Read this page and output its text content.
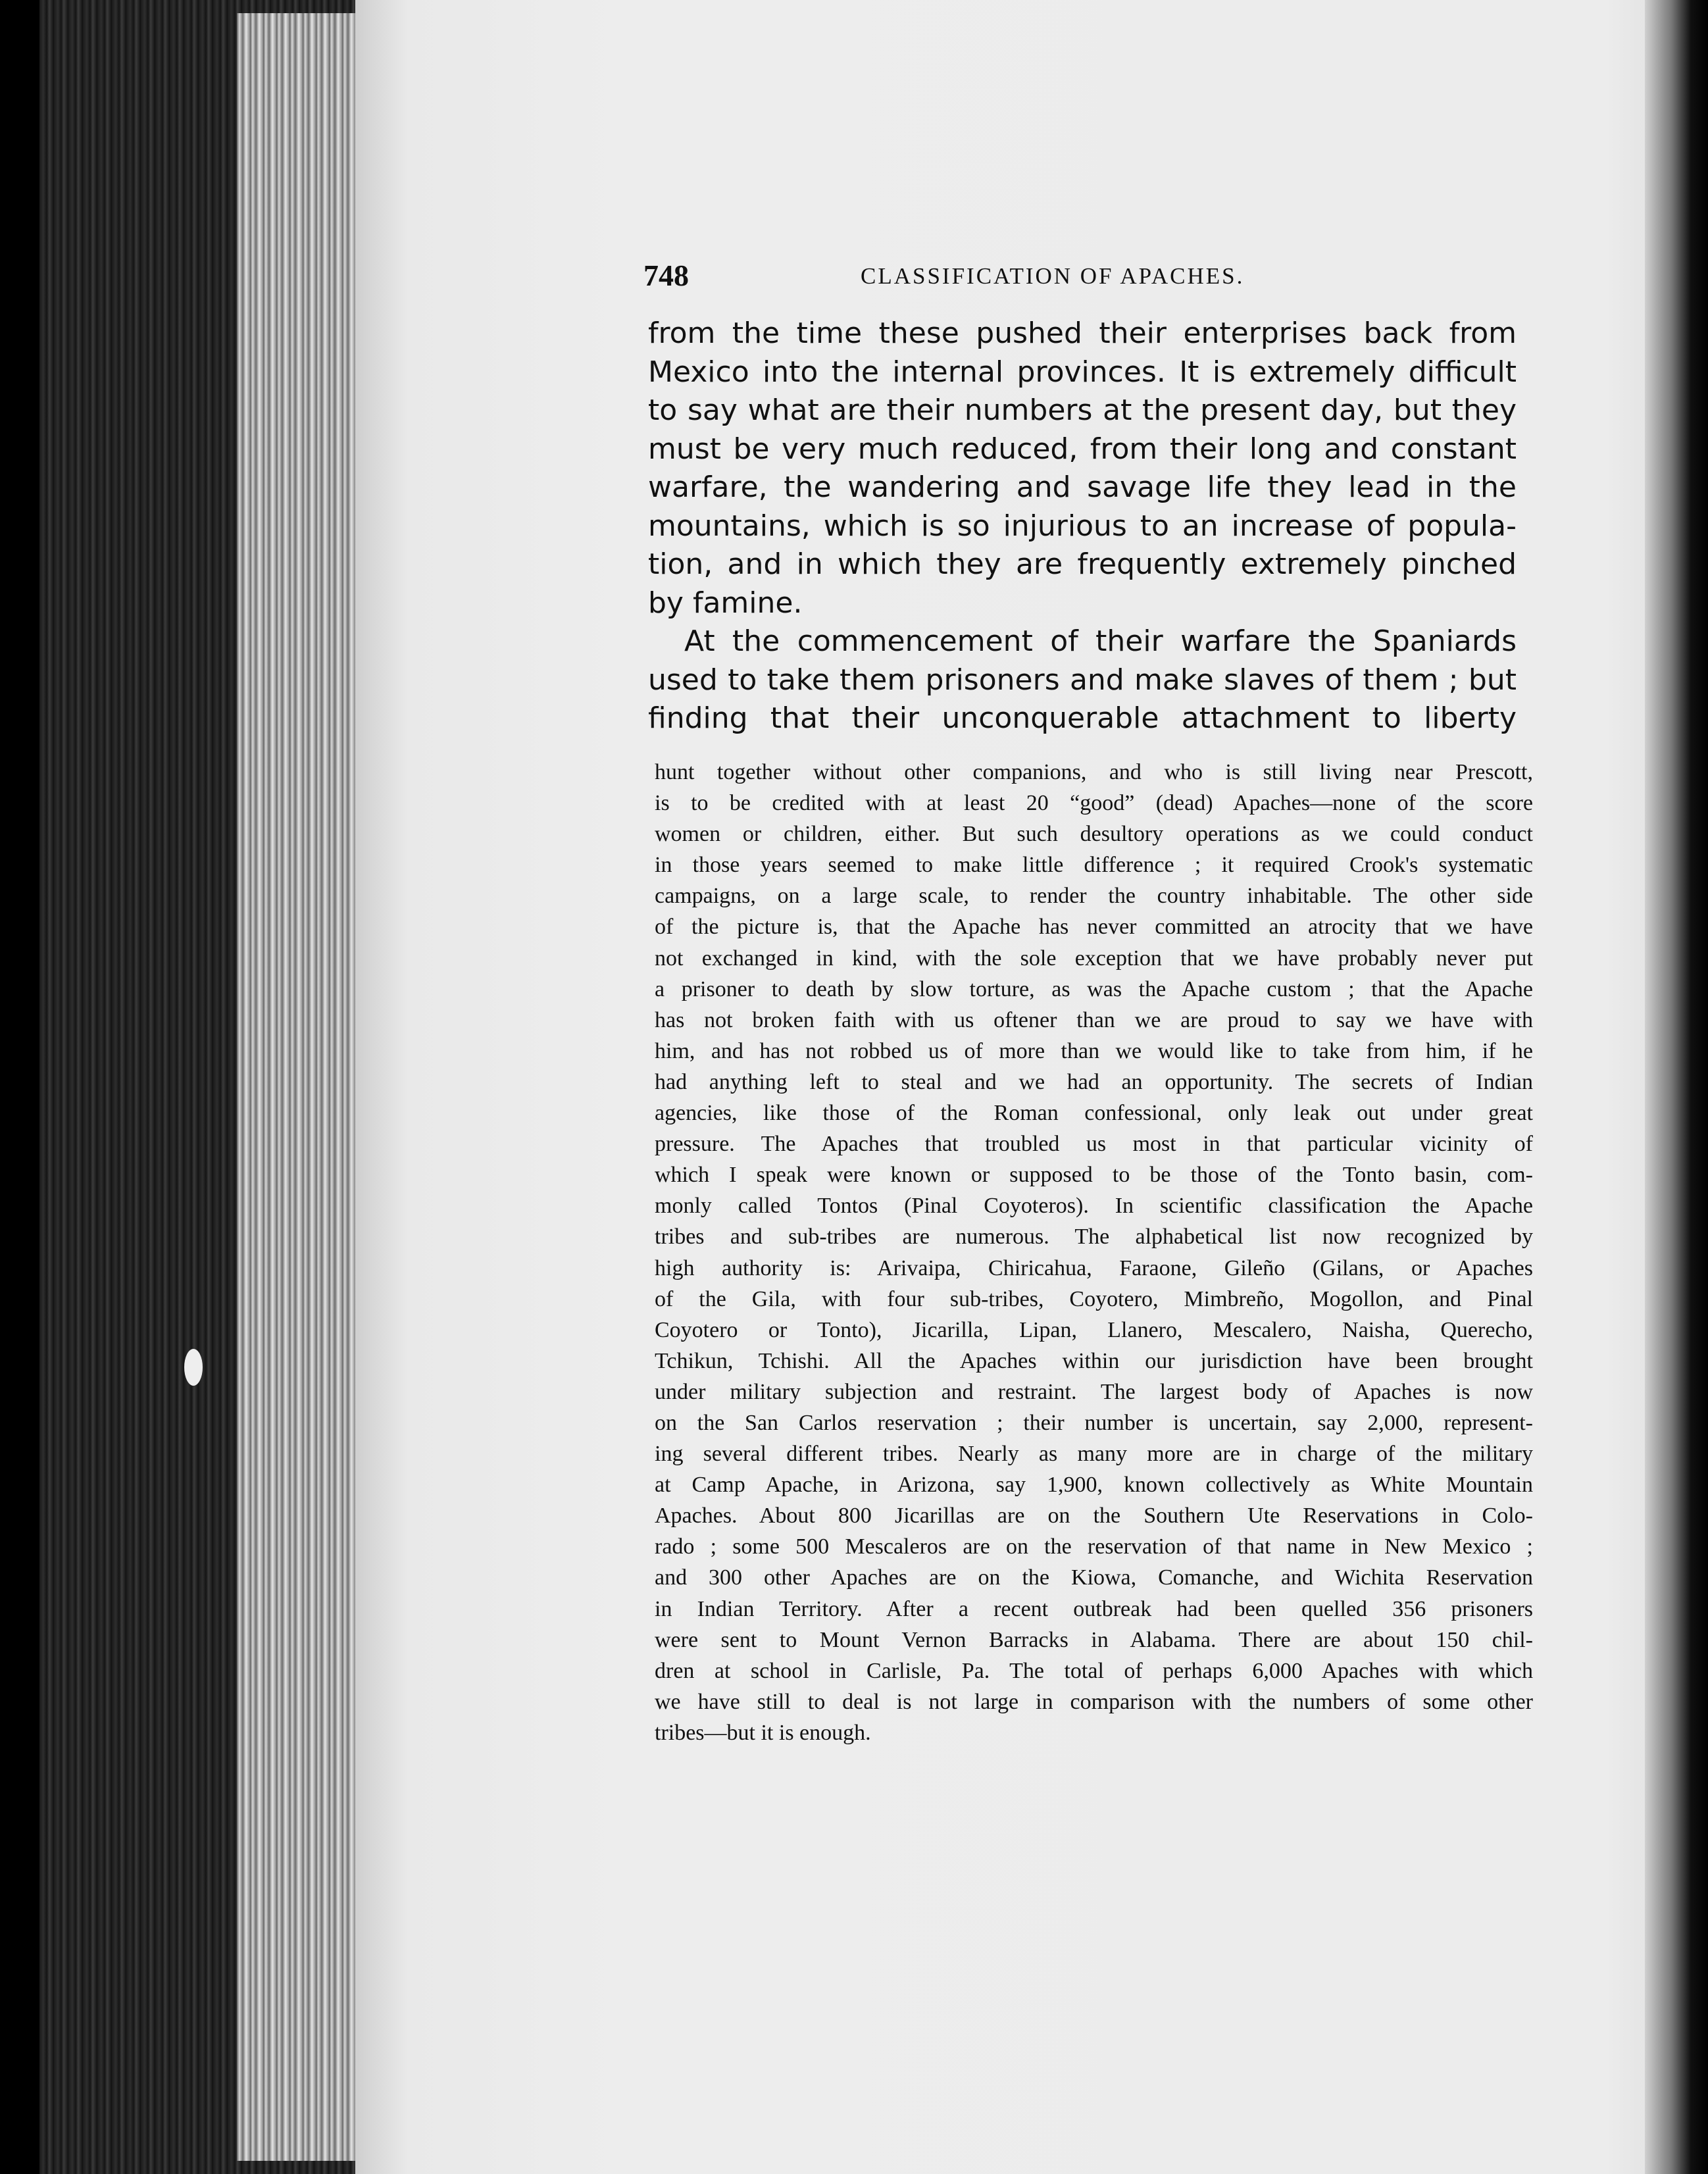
748	CLASSIFICATION OF APACHES.
from the time these pushed their enterprises back from
Mexico into the internal provinces. It is extremely difficult
to say what are their numbers at the present day, but they
must be very much reduced, from their long and constant
warfare, the wandering and savage life they lead in the
mountains, which is so injurious to an increase of popula-
tion, and in which they are frequently extremely pinched
by famine.
At the commencement of their warfare the Spaniards
used to take them prisoners and make slaves of them ; but
finding that their unconquerable attachment to liberty
hunt together without other companions, and who is still living near Prescott,
is to be credited with at least 20 “good” (dead) Apaches—none of the score
women or children, either. But such desultory operations as we could conduct
in those years seemed to make little difference ; it required Crook's systematic
campaigns, on a large scale, to render the country inhabitable. The other side
of the picture is, that the Apache has never committed an atrocity that we have
not exchanged in kind, with the sole exception that we have probably never put
a prisoner to death by slow torture, as was the Apache custom ; that the Apache
has not broken faith with us oftener than we are proud to say we have with
him, and has not robbed us of more than we would like to take from him, if he
had anything left to steal and we had an opportunity. The secrets of Indian
agencies, like those of the Roman confessional, only leak out under great
pressure. The Apaches that troubled us most in that particular vicinity of
which I speak were known or supposed to be those of the Tonto basin, com-
monly called Tontos (Pinal Coyoteros). In scientific classification the Apache
tribes and sub-tribes are numerous. The alphabetical list now recognized by
high authority is: Arivaipa, Chiricahua, Faraone, Gileño (Gilans, or Apaches
of the Gila, with four sub-tribes, Coyotero, Mimbreño, Mogollon, and Pinal
Coyotero or Tonto), Jicarilla, Lipan, Llanero, Mescalero, Naisha, Querecho,
Tchikun, Tchishi. All the Apaches within our jurisdiction have been brought
under military subjection and restraint. The largest body of Apaches is now
on the San Carlos reservation ; their number is uncertain, say 2,000, represent-
ing several different tribes. Nearly as many more are in charge of the military
at Camp Apache, in Arizona, say 1,900, known collectively as White Mountain
Apaches. About 800 Jicarillas are on the Southern Ute Reservations in Colo-
rado ; some 500 Mescaleros are on the reservation of that name in New Mexico ;
and 300 other Apaches are on the Kiowa, Comanche, and Wichita Reservation
in Indian Territory. After a recent outbreak had been quelled 356 prisoners
were sent to Mount Vernon Barracks in Alabama. There are about 150 chil-
dren at school in Carlisle, Pa. The total of perhaps 6,000 Apaches with which
we have still to deal is not large in comparison with the numbers of some other
tribes—but it is enough.
